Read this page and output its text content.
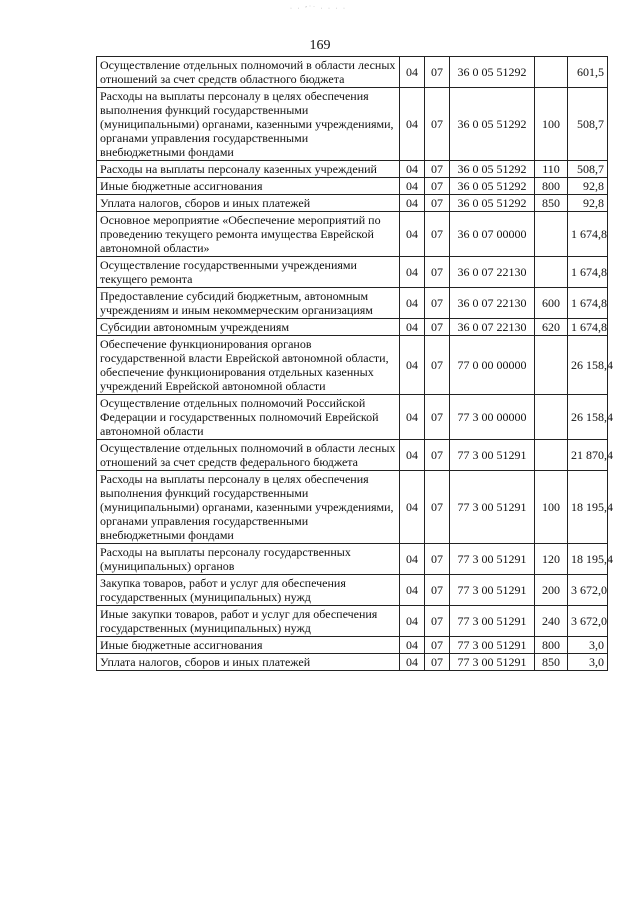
· · ʼˈ˙ · · · ·
169
Осуществление отдельных полномочий в области лесных отношений за счет средств областного бюджета	04	07	36 0 05 51292		601,5
Расходы на выплаты персоналу в целях обеспечения выполнения функций государственными (муниципальными) органами, казенными учреждениями, органами управления государственными внебюджетными фондами	04	07	36 0 05 51292	100	508,7
Расходы на выплаты персоналу казенных учреждений	04	07	36 0 05 51292	110	508,7
Иные бюджетные ассигнования	04	07	36 0 05 51292	800	92,8
Уплата налогов, сборов и иных платежей	04	07	36 0 05 51292	850	92,8
Основное мероприятие «Обеспечение мероприятий по проведению текущего ремонта имущества Еврейской автономной области»	04	07	36 0 07 00000		1 674,8
Осуществление государственными учреждениями текущего ремонта	04	07	36 0 07 22130		1 674,8
Предоставление субсидий бюджетным, автономным учреждениям и иным некоммерческим организациям	04	07	36 0 07 22130	600	1 674,8
Субсидии автономным учреждениям	04	07	36 0 07 22130	620	1 674,8
Обеспечение функционирования органов государственной власти Еврейской автономной области, обеспечение функционирования отдельных казенных учреждений Еврейской автономной области	04	07	77 0 00 00000		26 158,4
Осуществление отдельных полномочий Российской Федерации и государственных полномочий Еврейской автономной области	04	07	77 3 00 00000		26 158,4
Осуществление отдельных полномочий в области лесных отношений за счет средств федерального бюджета	04	07	77 3 00 51291		21 870,4
Расходы на выплаты персоналу в целях обеспечения выполнения функций государственными (муниципальными) органами, казенными учреждениями, органами управления государственными внебюджетными фондами	04	07	77 3 00 51291	100	18 195,4
Расходы на выплаты персоналу государственных (муниципальных) органов	04	07	77 3 00 51291	120	18 195,4
Закупка товаров, работ и услуг для обеспечения государственных (муниципальных) нужд	04	07	77 3 00 51291	200	3 672,0
Иные закупки товаров, работ и услуг для обеспечения государственных (муниципальных) нужд	04	07	77 3 00 51291	240	3 672,0
Иные бюджетные ассигнования	04	07	77 3 00 51291	800	3,0
Уплата налогов, сборов и иных платежей	04	07	77 3 00 51291	850	3,0
